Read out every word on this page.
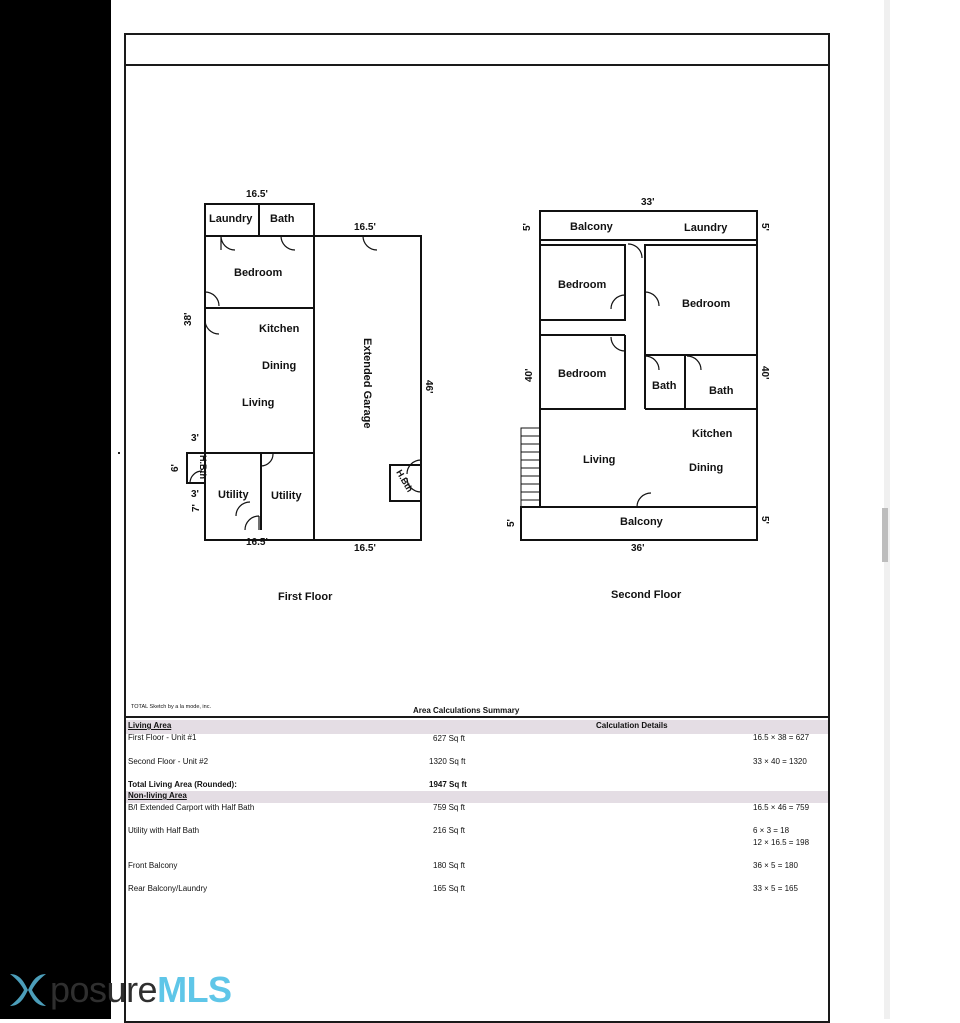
Laundry Bath
Bedroom
Kitchen
Dining
Living
Utility Utility
H.Bth
H.Bth
Extended Garage
16.5'
16.5'
38'
3'
6'
3'
7'
16.5'
16.5'
46'
First Floor
Balcony	Laundry
Bedroom
Bedroom
Bedroom
Bath	Bath
Kitchen
Living
Dining
Balcony
33'
5'	5'
40'	40'
5'	5'
36'
Second Floor
TOTAL Sketch by a la mode, inc.	Area Calculations Summary
Living Area	Calculation Details
First Floor - Unit #1	627 Sq ft	16.5 × 38 = 627
Second Floor - Unit #2	1320 Sq ft	33 × 40 = 1320
Total Living Area (Rounded):	1947 Sq ft
Non-living Area
B/I Extended Carport with Half Bath	759 Sq ft	16.5 × 46 = 759
Utility with Half Bath	216 Sq ft	6 × 3 = 18
12 × 16.5 = 198
Front Balcony	180 Sq ft	36 × 5 = 180
Rear Balcony/Laundry	165 Sq ft	33 × 5 = 165
posureMLS
